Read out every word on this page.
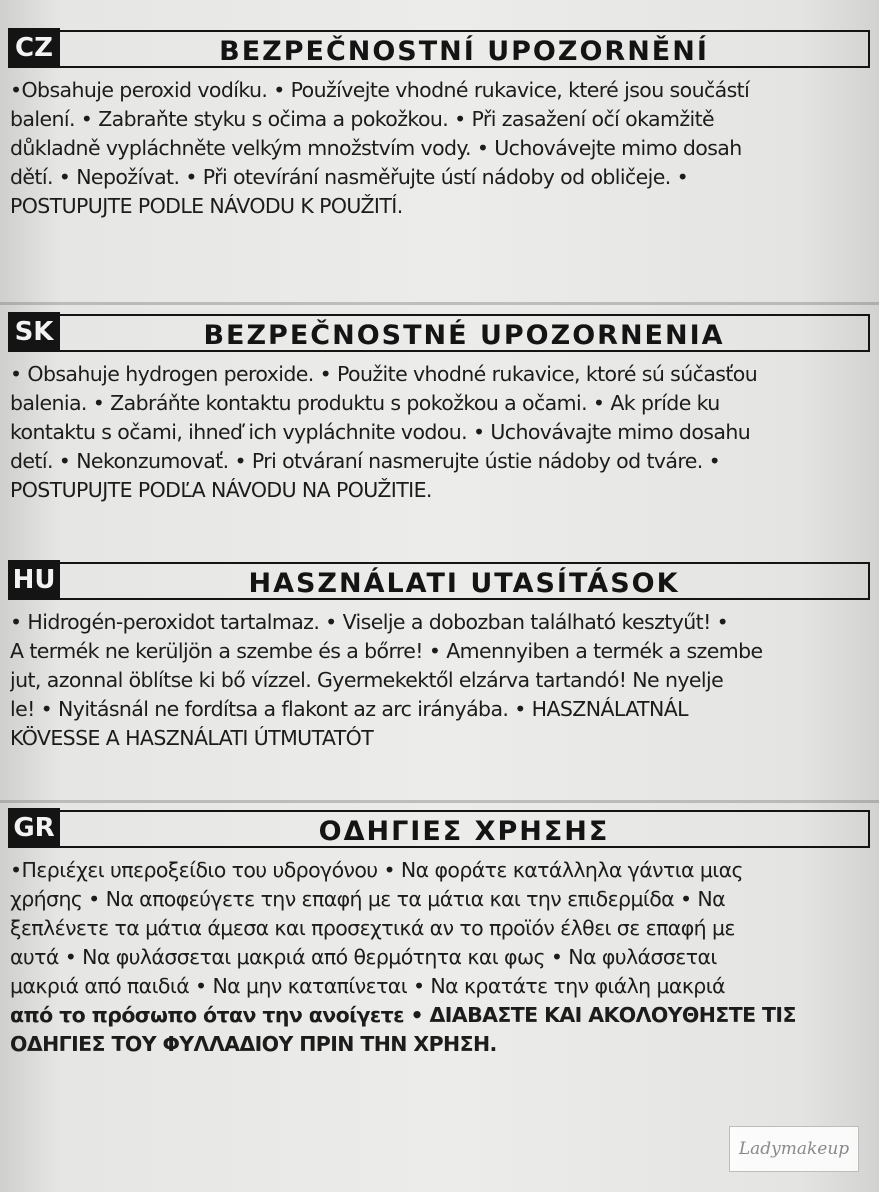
CZ	BEZPEČNOSTNÍ UPOZORNĚNÍ
•Obsahuje peroxid vodíku. • Používejte vhodné rukavice, které jsou součástí
balení. • Zabraňte styku s očima a pokožkou. • Při zasažení očí okamžitě
důkladně vypláchněte velkým množstvím vody. • Uchovávejte mimo dosah
dětí. • Nepožívat. • Při otevírání nasměřujte ústí nádoby od obličeje. •
POSTUPUJTE PODLE NÁVODU K POUŽITÍ.
SK	BEZPEČNOSTNÉ UPOZORNENIA
• Obsahuje hydrogen peroxide. • Použite vhodné rukavice, ktoré sú súčasťou
balenia. • Zabráňte kontaktu produktu s pokožkou a očami. • Ak príde ku
kontaktu s očami, ihneď ich vypláchnite vodou. • Uchovávajte mimo dosahu
detí. • Nekonzumovať. • Pri otváraní nasmerujte ústie nádoby od tváre. •
POSTUPUJTE PODĽA NÁVODU NA POUŽITIE.
HU	HASZNÁLATI UTASÍTÁSOK
• Hidrogén-peroxidot tartalmaz. • Viselje a dobozban található kesztyűt! •
A termék ne kerüljön a szembe és a bőrre! • Amennyiben a termék a szembe
jut, azonnal öblítse ki bő vízzel. Gyermekektől elzárva tartandó! Ne nyelje
le! • Nyitásnál ne fordítsa a flakont az arc irányába. • HASZNÁLATNÁL
KÖVESSE A HASZNÁLATI ÚTMUTATÓT
GR	ΟΔΗΓΙΕΣ ΧΡΗΣΗΣ
•Περιέχει υπεροξείδιο του υδρογόνου • Να φοράτε κατάλληλα γάντια μιας
χρήσης • Να αποφεύγετε την επαφή με τα μάτια και την επιδερμίδα • Να
ξεπλένετε τα μάτια άμεσα και προσεχτικά αν το προϊόν έλθει σε επαφή με
αυτά • Να φυλάσσεται μακριά από θερμότητα και φως • Να φυλάσσεται
μακριά από παιδιά • Να μην καταπίνεται • Να κρατάτε την φιάλη μακριά
από το πρόσωπο όταν την ανοίγετε • ΔΙΑΒΑΣΤΕ ΚΑΙ ΑΚΟΛΟΥΘΗΣΤΕ ΤΙΣ
ΟΔΗΓΙΕΣ ΤΟΥ ΦΥΛΛΑΔΙΟΥ ΠΡΙΝ ΤΗΝ ΧΡΗΣΗ.
Ladymakeup
